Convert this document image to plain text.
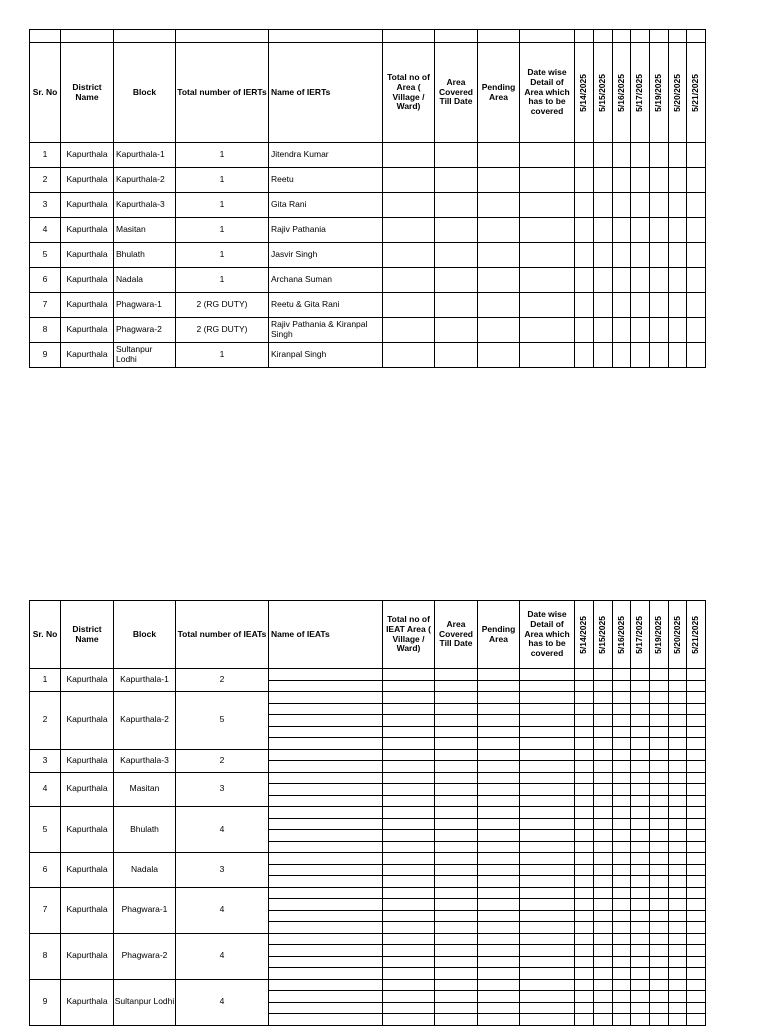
Sr. No	District Name	Block	Total number of IERTs	Name of IERTs	Total no of Area ( Village / Ward)	Area Covered Till Date	Pending Area	Date wise Detail of Area which has to be covered	5/14/2025	5/15/2025	5/16/2025	5/17/2025	5/19/2025	5/20/2025	5/21/2025

1	Kapurthala	Kapurthala-1	1	Jitendra Kumar											
2	Kapurthala	Kapurthala-2	1	Reetu											
3	Kapurthala	Kapurthala-3	1	Gita Rani											
4	Kapurthala	Masitan	1	Rajiv Pathania											
5	Kapurthala	Bhulath	1	Jasvir Singh											
6	Kapurthala	Nadala	1	Archana Suman											
7	Kapurthala	Phagwara-1	2 (RG DUTY)	Reetu & Gita Rani											
8	Kapurthala	Phagwara-2	2 (RG DUTY)	Rajiv Pathania & Kiranpal Singh											
9	Kapurthala	Sultanpur Lodhi	1	Kiranpal Singh											
Sr. No	District Name	Block	Total number of IEATs	Name of IEATs	Total no of IEAT Area ( Village / Ward)	Area Covered Till Date	Pending Area	Date wise Detail of Area which has to be covered	5/14/2025	5/15/2025	5/16/2025	5/17/2025	5/19/2025	5/20/2025	5/21/2025

1	Kapurthala	Kapurthala-1	2												

2	Kapurthala	Kapurthala-2	5												

3	Kapurthala	Kapurthala-3	2												

4	Kapurthala	Masitan	3												

5	Kapurthala	Bhulath	4												

6	Kapurthala	Nadala	3												

7	Kapurthala	Phagwara-1	4												

8	Kapurthala	Phagwara-2	4												

9	Kapurthala	Sultanpur Lodhi	4												
